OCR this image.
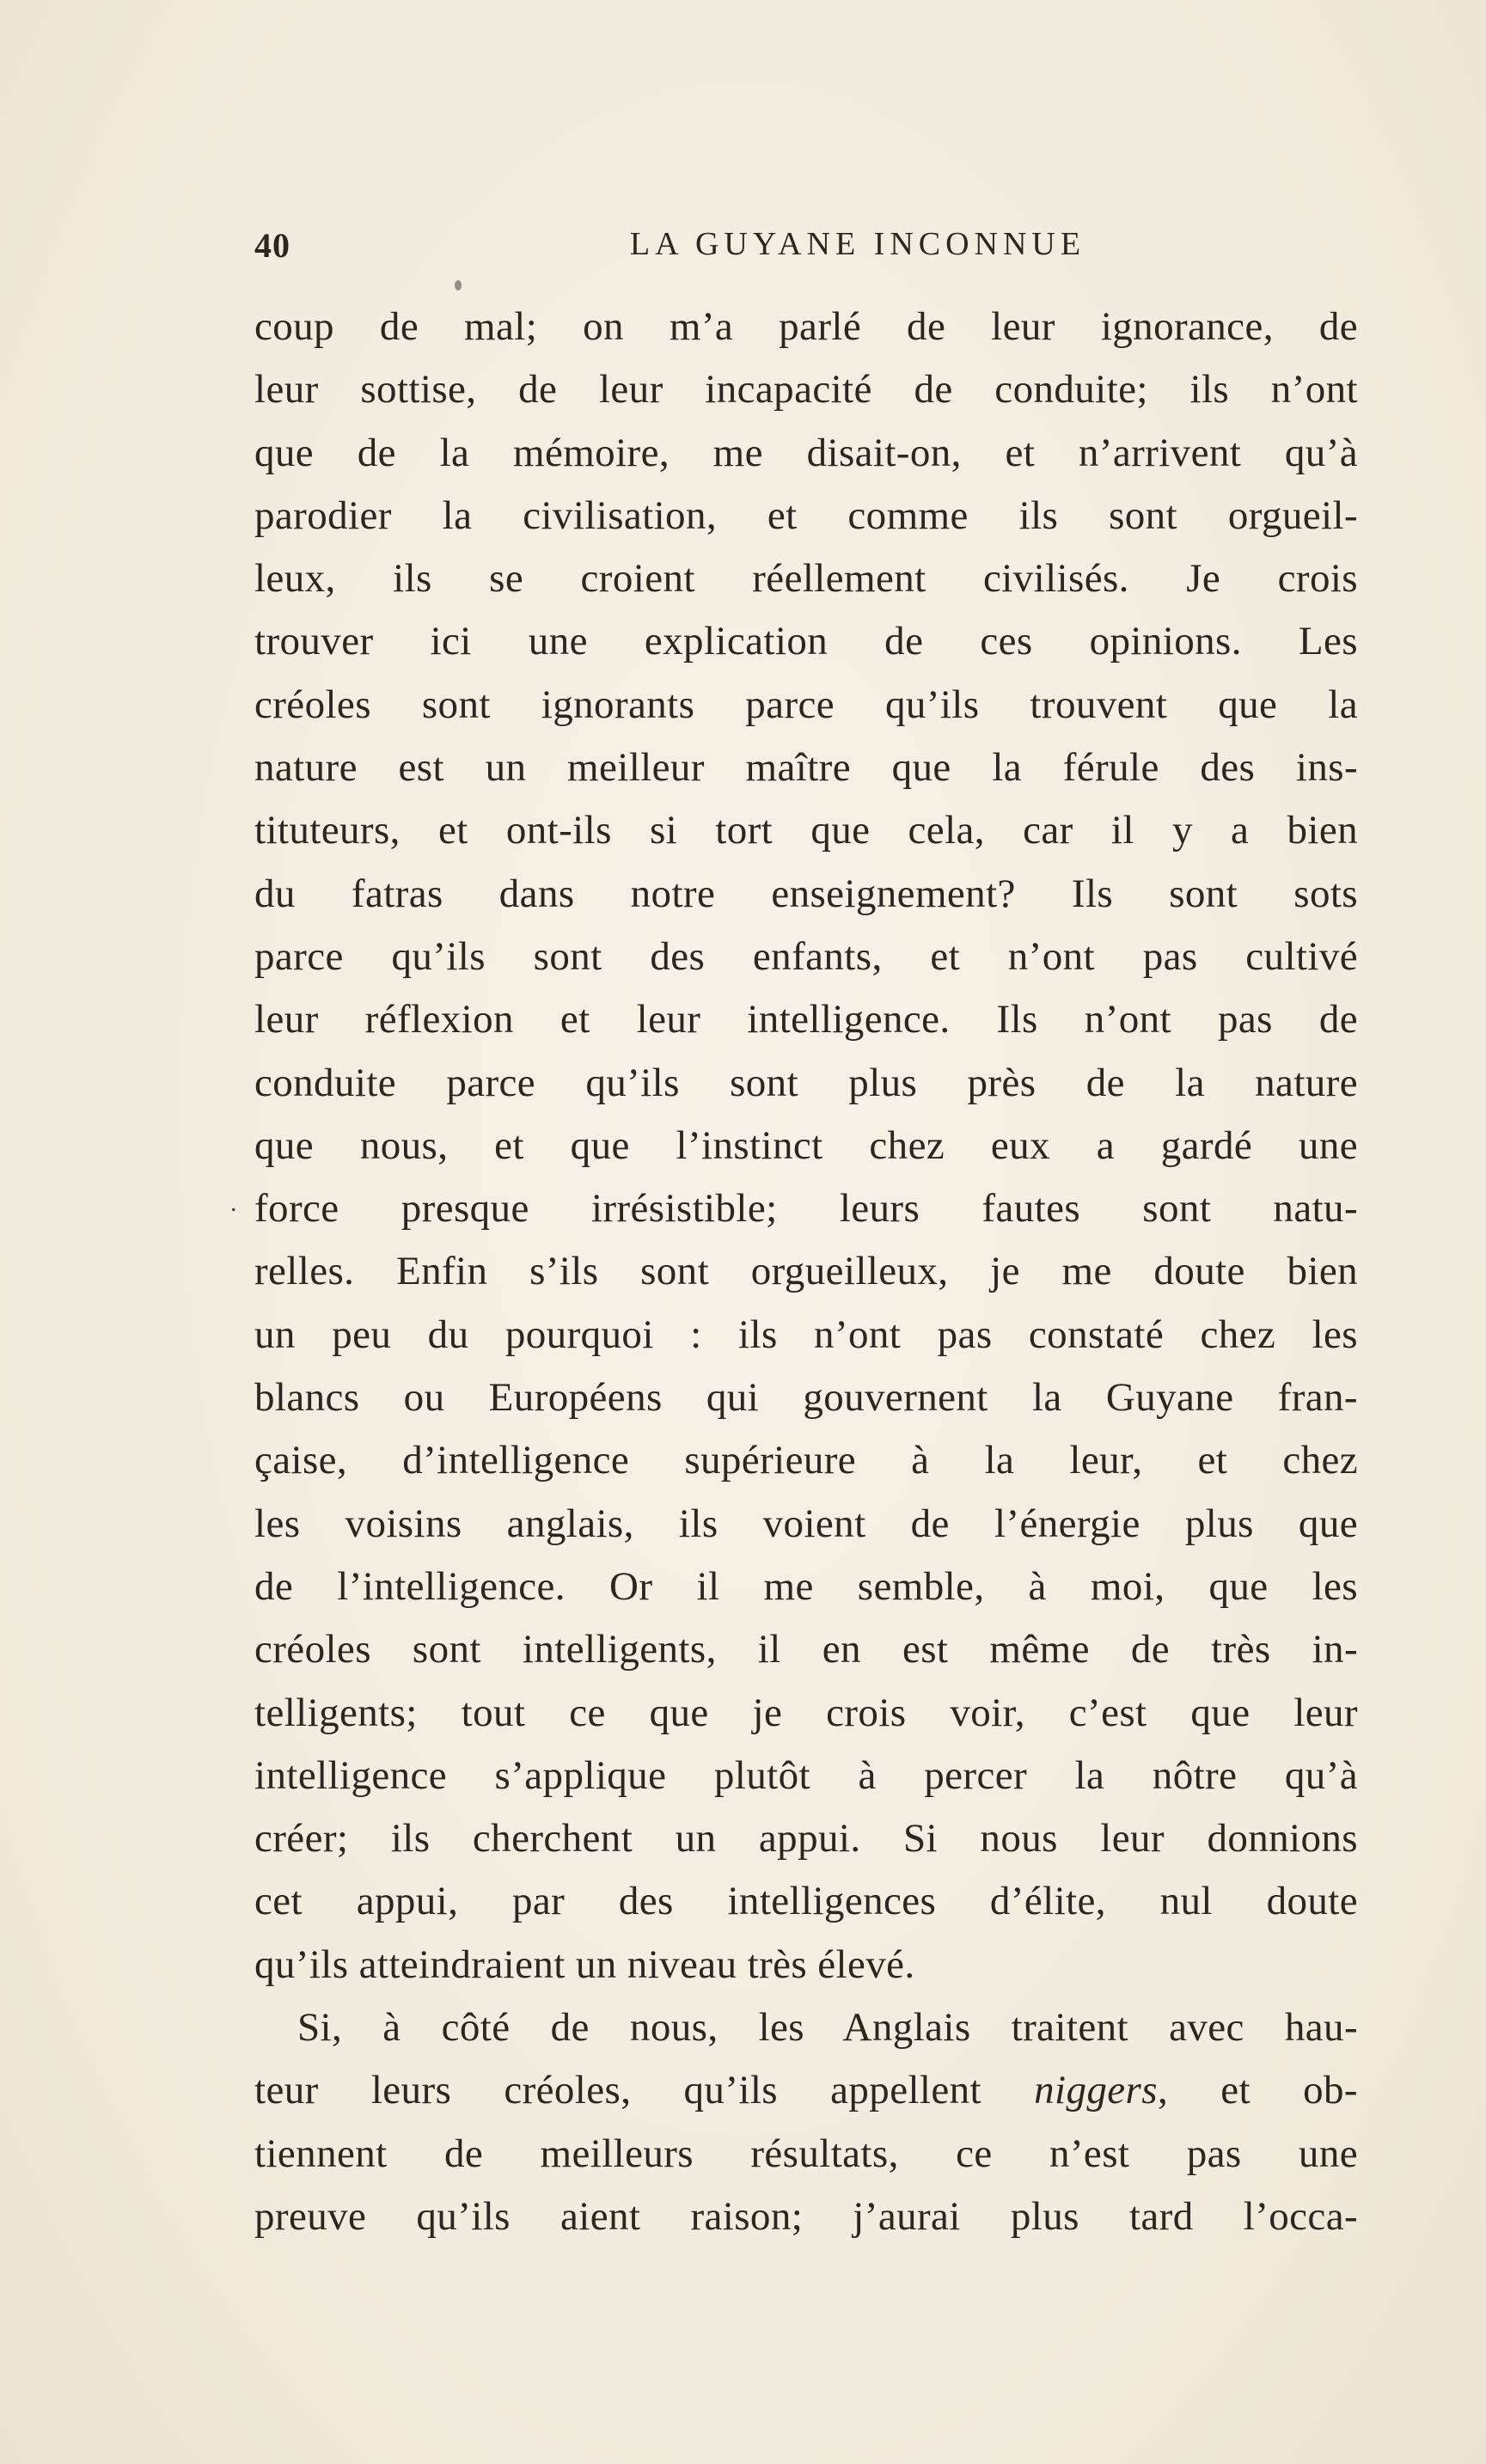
40	LA GUYANE INCONNUE
.
coup de mal; on m’a parlé de leur ignorance, de
leur sottise, de leur incapacité de conduite; ils n’ont
que de la mémoire, me disait-on, et n’arrivent qu’à
parodier la civilisation, et comme ils sont orgueil-
leux, ils se croient réellement civilisés. Je crois
trouver ici une explication de ces opinions. Les
créoles sont ignorants parce qu’ils trouvent que la
nature est un meilleur maître que la férule des ins-
tituteurs, et ont-ils si tort que cela, car il y a bien
du fatras dans notre enseignement? Ils sont sots
parce qu’ils sont des enfants, et n’ont pas cultivé
leur réflexion et leur intelligence. Ils n’ont pas de
conduite parce qu’ils sont plus près de la nature
que nous, et que l’instinct chez eux a gardé une
force presque irrésistible; leurs fautes sont natu-
relles. Enfin s’ils sont orgueilleux, je me doute bien
un peu du pourquoi : ils n’ont pas constaté chez les
blancs ou Européens qui gouvernent la Guyane fran-
çaise, d’intelligence supérieure à la leur, et chez
les voisins anglais, ils voient de l’énergie plus que
de l’intelligence. Or il me semble, à moi, que les
créoles sont intelligents, il en est même de très in-
telligents; tout ce que je crois voir, c’est que leur
intelligence s’applique plutôt à percer la nôtre qu’à
créer; ils cherchent un appui. Si nous leur donnions
cet appui, par des intelligences d’élite, nul doute
qu’ils atteindraient un niveau très élevé.
Si, à côté de nous, les Anglais traitent avec hau-
teur leurs créoles, qu’ils appellent niggers, et ob-
tiennent de meilleurs résultats, ce n’est pas une
preuve qu’ils aient raison; j’aurai plus tard l’occa-
